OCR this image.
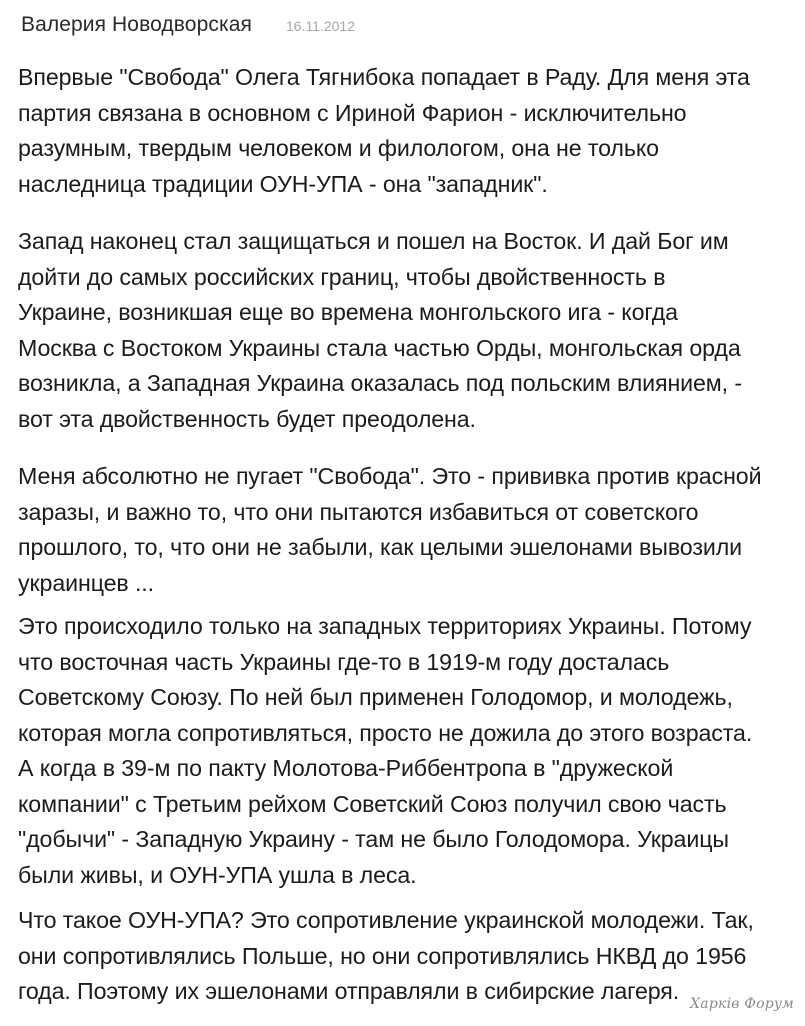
Валерия Новодворская 16.11.2012

Впервые "Свобода" Олега Тягнибока попадает в Раду. Для меня эта
партия связана в основном с Ириной Фарион - исключительно
разумным, твердым человеком и филологом, она не только
наследница традиции ОУН-УПА - она "западник".

Запад наконец стал защищаться и пошел на Восток. И дай Бог им
дойти до самых российских границ, чтобы двойственность в
Украине, возникшая еще во времена монгольского ига - когда
Москва с Востоком Украины стала частью Орды, монгольская орда
возникла, а Западная Украина оказалась под польским влиянием, -
вот эта двойственность будет преодолена.

Меня абсолютно не пугает "Свобода". Это - прививка против красной
заразы, и важно то, что они пытаются избавиться от советского
прошлого, то, что они не забыли, как целыми эшелонами вывозили
украинцев ...

Это происходило только на западных территориях Украины. Потому
что восточная часть Украины где-то в 1919-м году досталась
Советскому Союзу. По ней был применен Голодомор, и молодежь,
которая могла сопротивляться, просто не дожила до этого возраста.
А когда в 39-м по пакту Молотова-Риббентропа в "дружеской
компании" с Третьим рейхом Советский Союз получил свою часть
"добычи" - Западную Украину - там не было Голодомора. Украицы
были живы, и ОУН-УПА ушла в леса.

Что такое ОУН-УПА? Это сопротивление украинской молодежи. Так,
они сопротивлялись Польше, но они сопротивлялись НКВД до 1956
года. Поэтому их эшелонами отправляли в сибирские лагеря. Харків Форум
